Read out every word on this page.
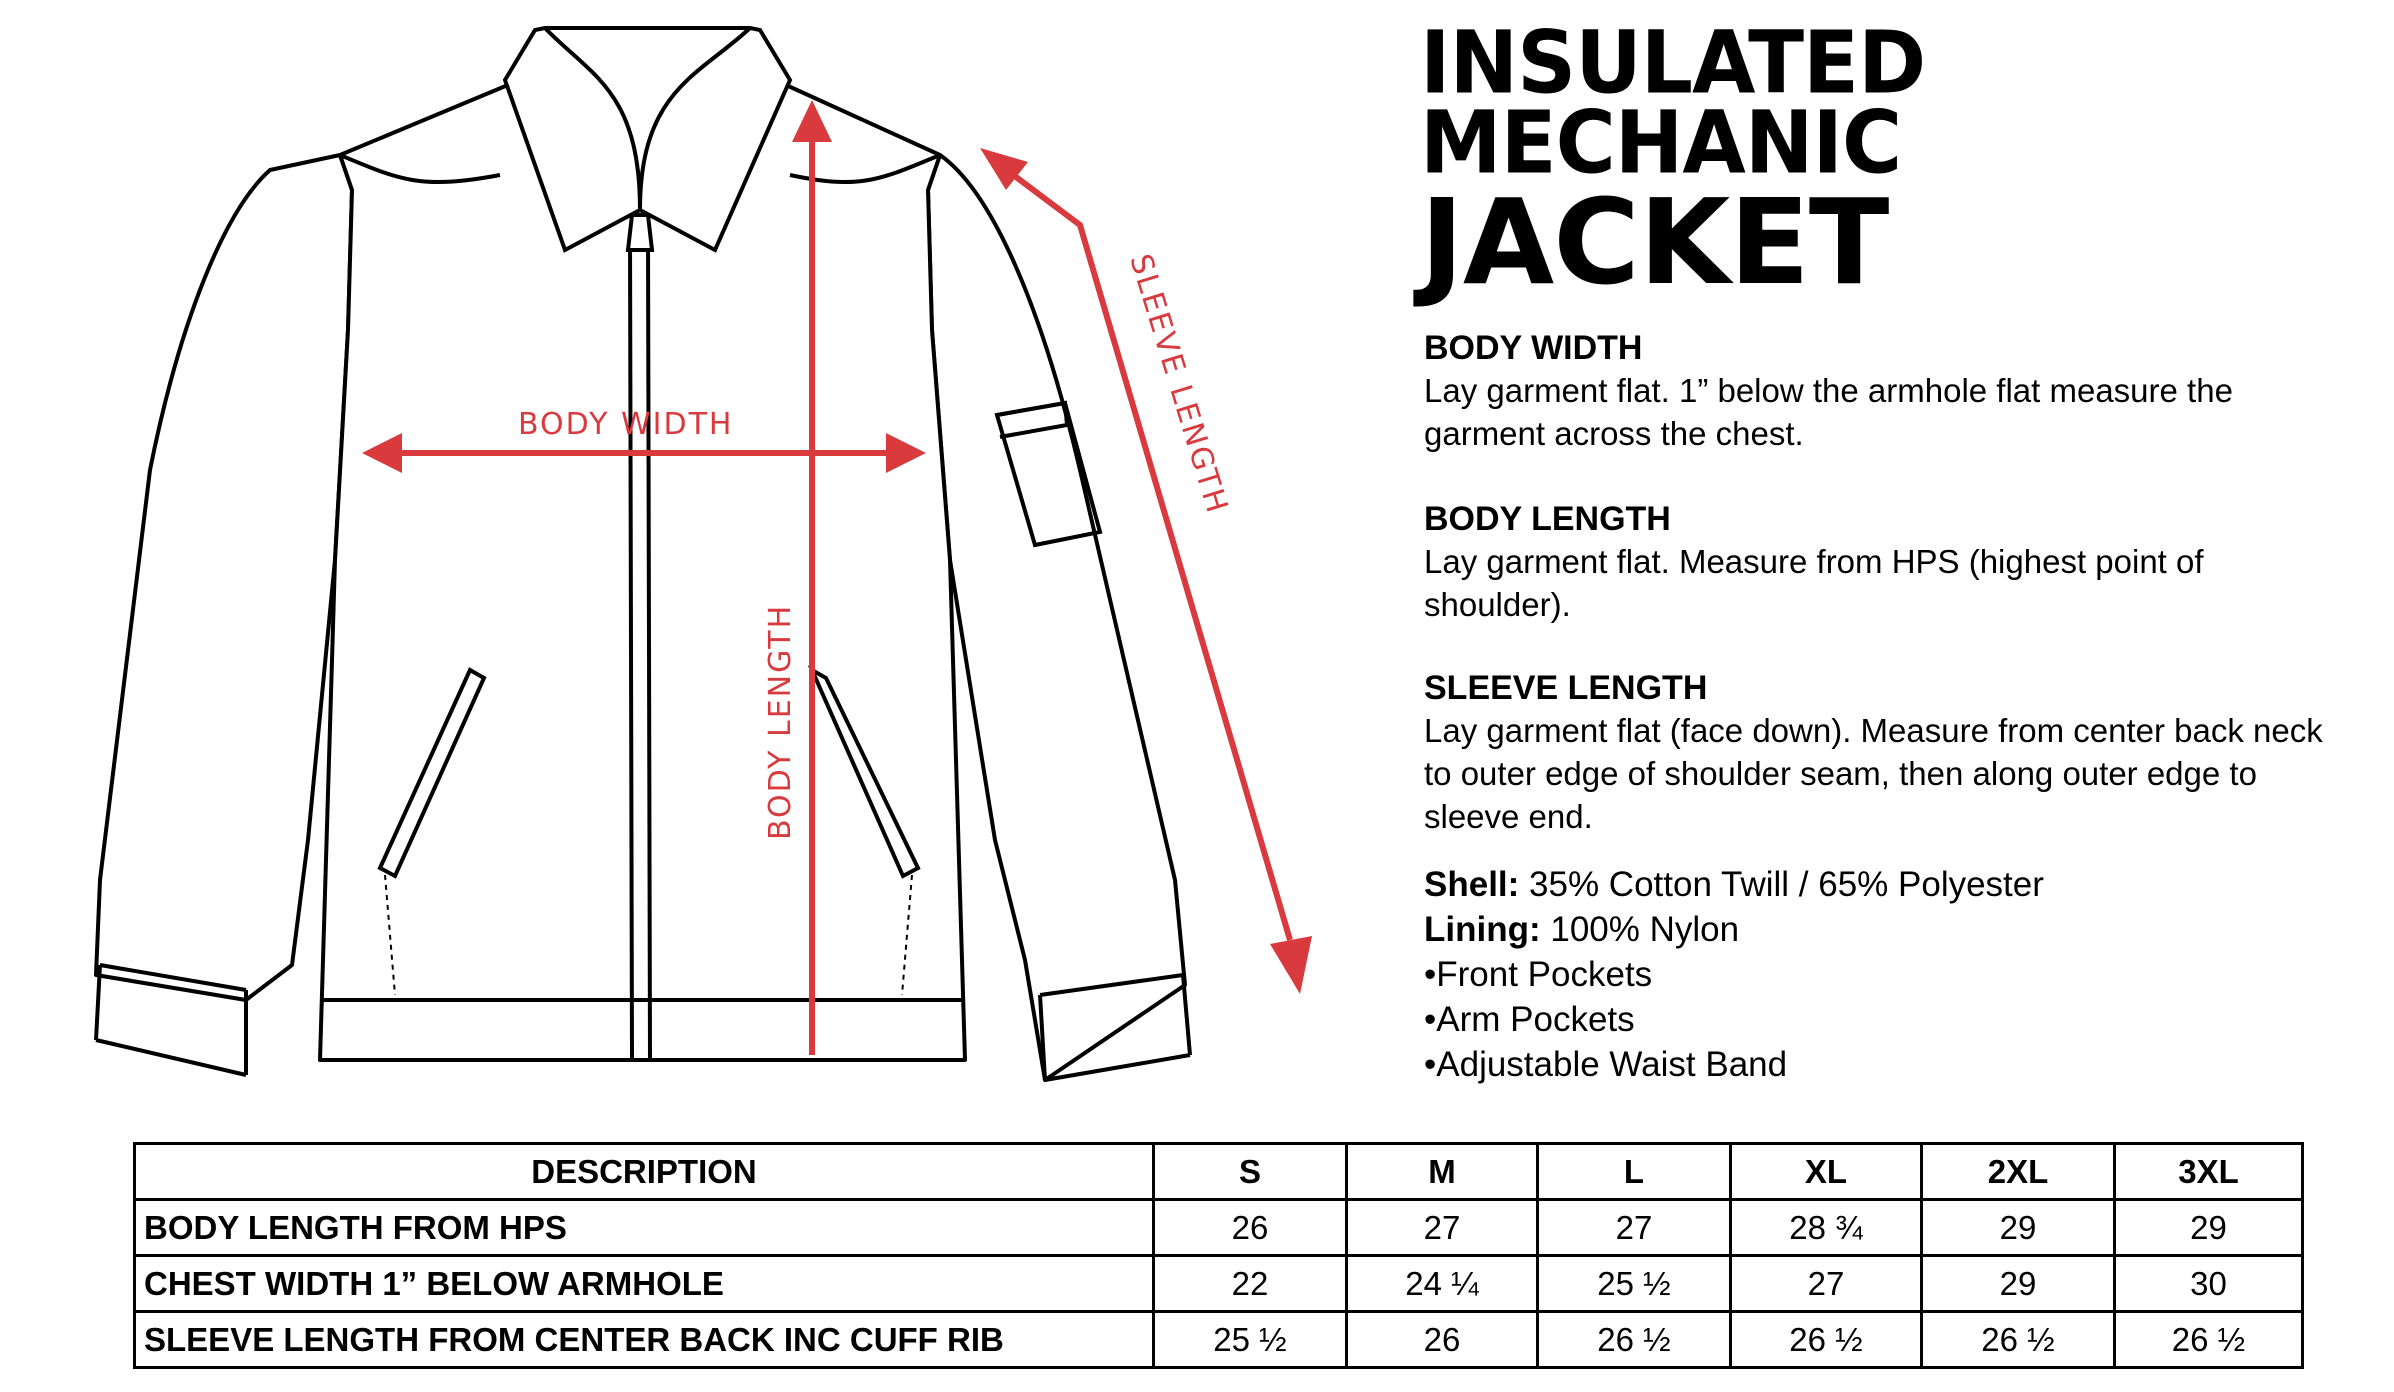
BODY WIDTH
BODY LENGTH
SLEEVE LENGTH
INSULATED
MECHANIC
JACKET
BODY WIDTH

Lay garment flat. 1” below the armhole flat measure the garment across the chest.

BODY LENGTH

Lay garment flat. Measure from HPS (highest point of shoulder).

SLEEVE LENGTH

Lay garment flat (face down). Measure from center back neck to outer edge of shoulder seam, then along outer edge to sleeve end.

Shell: 35% Cotton Twill / 65% Polyester
Lining: 100% Nylon
•Front Pockets
•Arm Pockets
•Adjustable Waist Band
DESCRIPTION	S	M	L	XL	2XL	3XL
BODY LENGTH FROM HPS	26	27	27	28 ¾	29	29
CHEST WIDTH 1” BELOW ARMHOLE	22	24 ¼	25 ½	27	29	30
SLEEVE LENGTH FROM CENTER BACK INC CUFF RIB	25 ½	26	26 ½	26 ½	26 ½	26 ½
